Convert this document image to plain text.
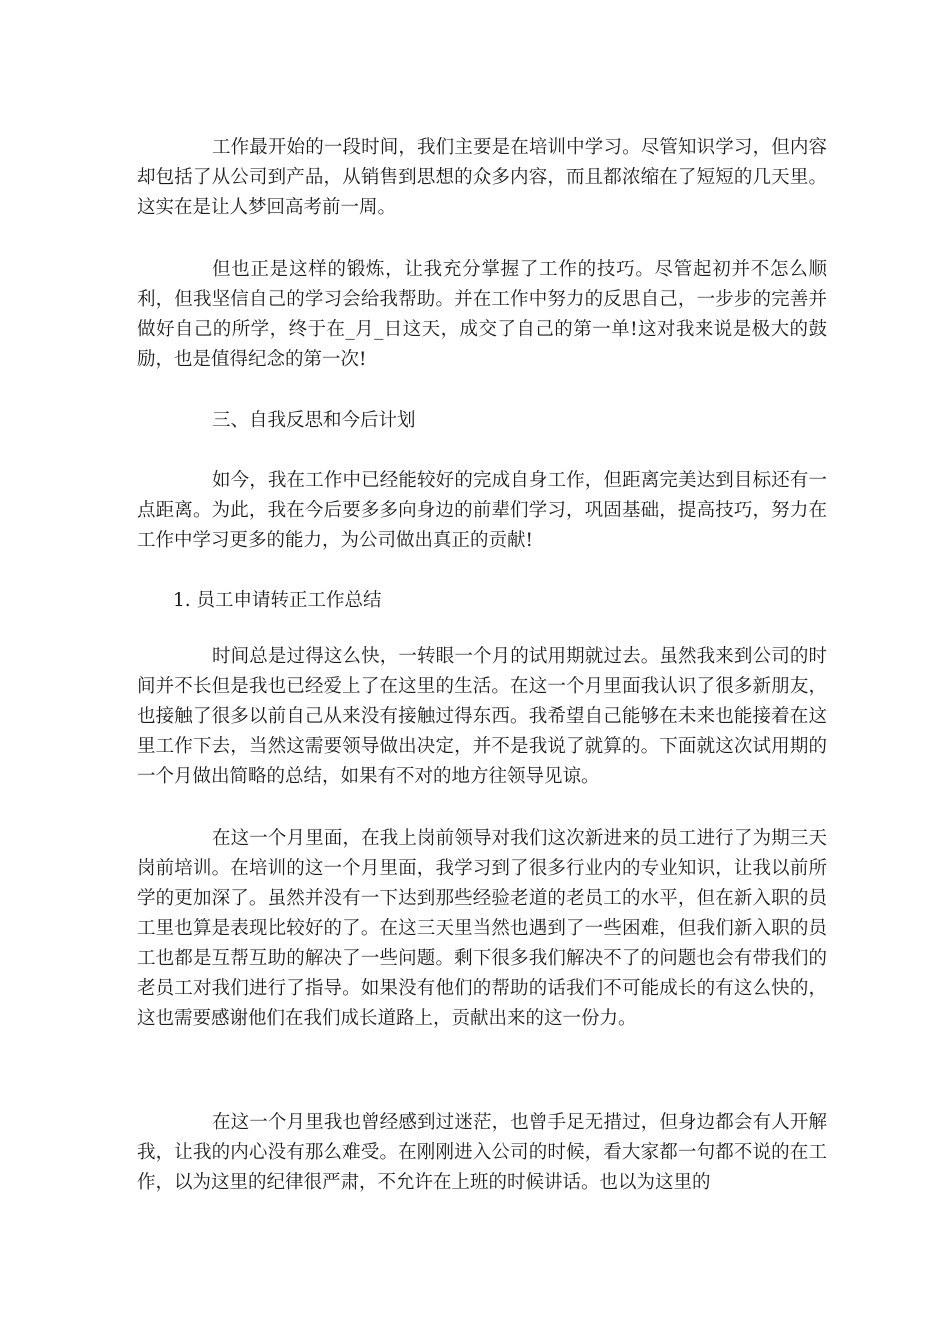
工作最开始的一段时间，我们主要是在培训中学习。尽管知识学习，但内容却包括了从公司到产品，从销售到思想的众多内容，而且都浓缩在了短短的几天里。这实在是让人梦回高考前一周。

但也正是这样的锻炼，让我充分掌握了工作的技巧。尽管起初并不怎么顺利，但我坚信自己的学习会给我帮助。并在工作中努力的反思自己，一步步的完善并做好自己的所学，终于在_月_日这天，成交了自己的第一单!这对我来说是极大的鼓励，也是值得纪念的第一次!

三、自我反思和今后计划

如今，我在工作中已经能较好的完成自身工作，但距离完美达到目标还有一点距离。为此，我在今后要多多向身边的前辈们学习，巩固基础，提高技巧，努力在工作中学习更多的能力，为公司做出真正的贡献!

1. 员工申请转正工作总结

时间总是过得这么快，一转眼一个月的试用期就过去。虽然我来到公司的时间并不长但是我也已经爱上了在这里的生活。在这一个月里面我认识了很多新朋友，也接触了很多以前自己从来没有接触过得东西。我希望自己能够在未来也能接着在这里工作下去，当然这需要领导做出决定，并不是我说了就算的。下面就这次试用期的一个月做出简略的总结，如果有不对的地方往领导见谅。

在这一个月里面，在我上岗前领导对我们这次新进来的员工进行了为期三天岗前培训。在培训的这一个月里面，我学习到了很多行业内的专业知识，让我以前所学的更加深了。虽然并没有一下达到那些经验老道的老员工的水平，但在新入职的员工里也算是表现比较好的了。在这三天里当然也遇到了一些困难，但我们新入职的员工也都是互帮互助的解决了一些问题。剩下很多我们解决不了的问题也会有带我们的老员工对我们进行了指导。如果没有他们的帮助的话我们不可能成长的有这么快的，这也需要感谢他们在我们成长道路上，贡献出来的这一份力。

在这一个月里我也曾经感到过迷茫，也曾手足无措过，但身边都会有人开解我，让我的内心没有那么难受。在刚刚进入公司的时候，看大家都一句都不说的在工作，以为这里的纪律很严肃，不允许在上班的时候讲话。也以为这里的
